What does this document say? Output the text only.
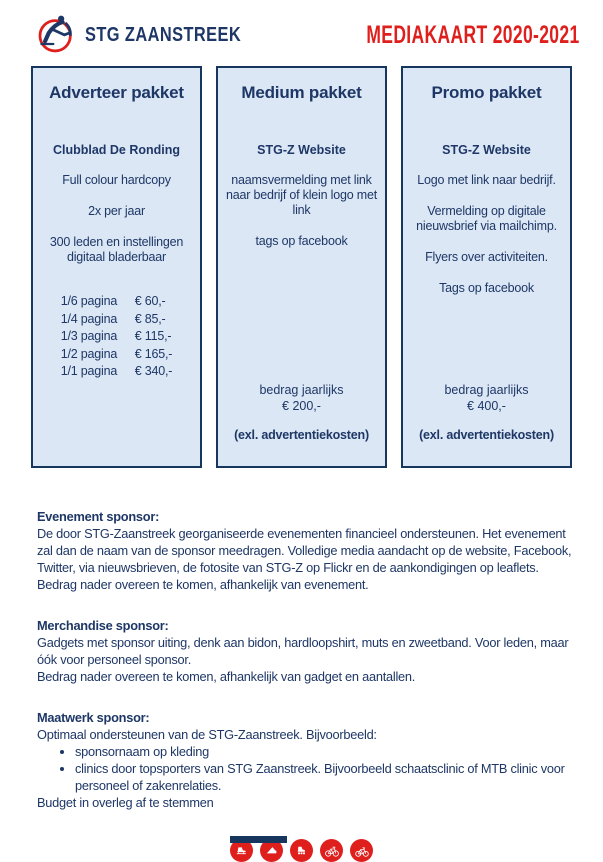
STG ZAANSTREEK	MEDIAKAART 2020-2021
Adverteer pakket
Clubblad De Ronding
Full colour hardcopy
2x per jaar
300 leden en instellingen digitaal bladerbaar
1/6 pagina	€ 60,-
1/4 pagina	€ 85,-
1/3 pagina	€ 115,-
1/2 pagina	€ 165,-
1/1 pagina	€ 340,-
Medium pakket
STG-Z Website
naamsvermelding met link naar bedrijf of klein logo met link
tags op facebook
bedrag jaarlijks
€ 200,-
(exl. advertentiekosten)
Promo pakket
STG-Z Website
Logo met link naar bedrijf.
Vermelding op digitale nieuwsbrief via mailchimp.
Flyers over activiteiten.
Tags op facebook
bedrag jaarlijks
€ 400,-
(exl. advertentiekosten)
Evenement sponsor:

De door STG-Zaanstreek georganiseerde evenementen financieel ondersteunen. Het evenement zal dan de naam van de sponsor meedragen. Volledige media aandacht op de website, Facebook, Twitter, via nieuwsbrieven, de fotosite van STG-Z op Flickr en de aankondigingen op leaflets.

Bedrag nader overeen te komen, afhankelijk van evenement.

Merchandise sponsor:

Gadgets met sponsor uiting, denk aan bidon, hardloopshirt, muts en zweetband. Voor leden, maar óók voor personeel sponsor.

Bedrag nader overeen te komen, afhankelijk van gadget en aantallen.

Maatwerk sponsor:

Optimaal ondersteunen van de STG-Zaanstreek. Bijvoorbeeld:

• sponsornaam op kleding
• clinics door topsporters van STG Zaanstreek. Bijvoorbeeld schaatsclinic of MTB clinic voor personeel of zakenrelaties.

Budget in overleg af te stemmen
